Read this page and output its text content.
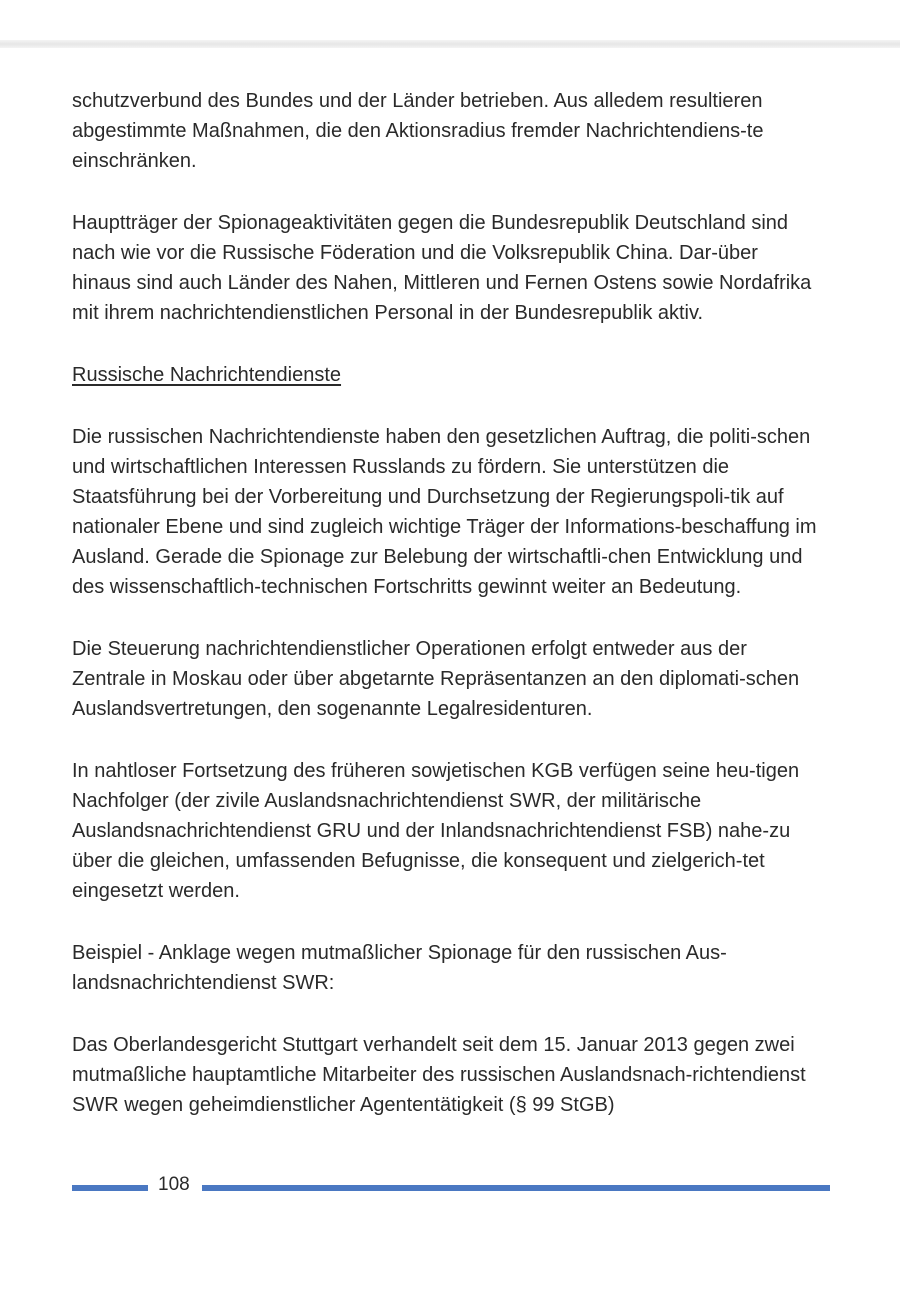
schutzverbund des Bundes und der Länder betrieben. Aus alledem resultieren abgestimmte Maßnahmen, die den Aktionsradius fremder Nachrichtendiens-te einschränken.

Hauptträger der Spionageaktivitäten gegen die Bundesrepublik Deutschland sind nach wie vor die Russische Föderation und die Volksrepublik China. Dar-über hinaus sind auch Länder des Nahen, Mittleren und Fernen Ostens sowie Nordafrika mit ihrem nachrichtendienstlichen Personal in der Bundesrepublik aktiv.

Russische Nachrichtendienste

Die russischen Nachrichtendienste haben den gesetzlichen Auftrag, die politi-schen und wirtschaftlichen Interessen Russlands zu fördern. Sie unterstützen die Staatsführung bei der Vorbereitung und Durchsetzung der Regierungspoli-tik auf nationaler Ebene und sind zugleich wichtige Träger der Informations-beschaffung im Ausland. Gerade die Spionage zur Belebung der wirtschaftli-chen Entwicklung und des wissenschaftlich-technischen Fortschritts gewinnt weiter an Bedeutung.

Die Steuerung nachrichtendienstlicher Operationen erfolgt entweder aus der Zentrale in Moskau oder über abgetarnte Repräsentanzen an den diplomati-schen Auslandsvertretungen, den sogenannte Legalresidenturen.

In nahtloser Fortsetzung des früheren sowjetischen KGB verfügen seine heu-tigen Nachfolger (der zivile Auslandsnachrichtendienst SWR, der militärische Auslandsnachrichtendienst GRU und der Inlandsnachrichtendienst FSB) nahe-zu über die gleichen, umfassenden Befugnisse, die konsequent und zielgerich-tet eingesetzt werden.

Beispiel - Anklage wegen mutmaßlicher Spionage für den russischen Aus-landsnachrichtendienst SWR:

Das Oberlandesgericht Stuttgart verhandelt seit dem 15. Januar 2013 gegen zwei mutmaßliche hauptamtliche Mitarbeiter des russischen Auslandsnach-richtendienst SWR wegen geheimdienstlicher Agententätigkeit (§ 99 StGB)

108
